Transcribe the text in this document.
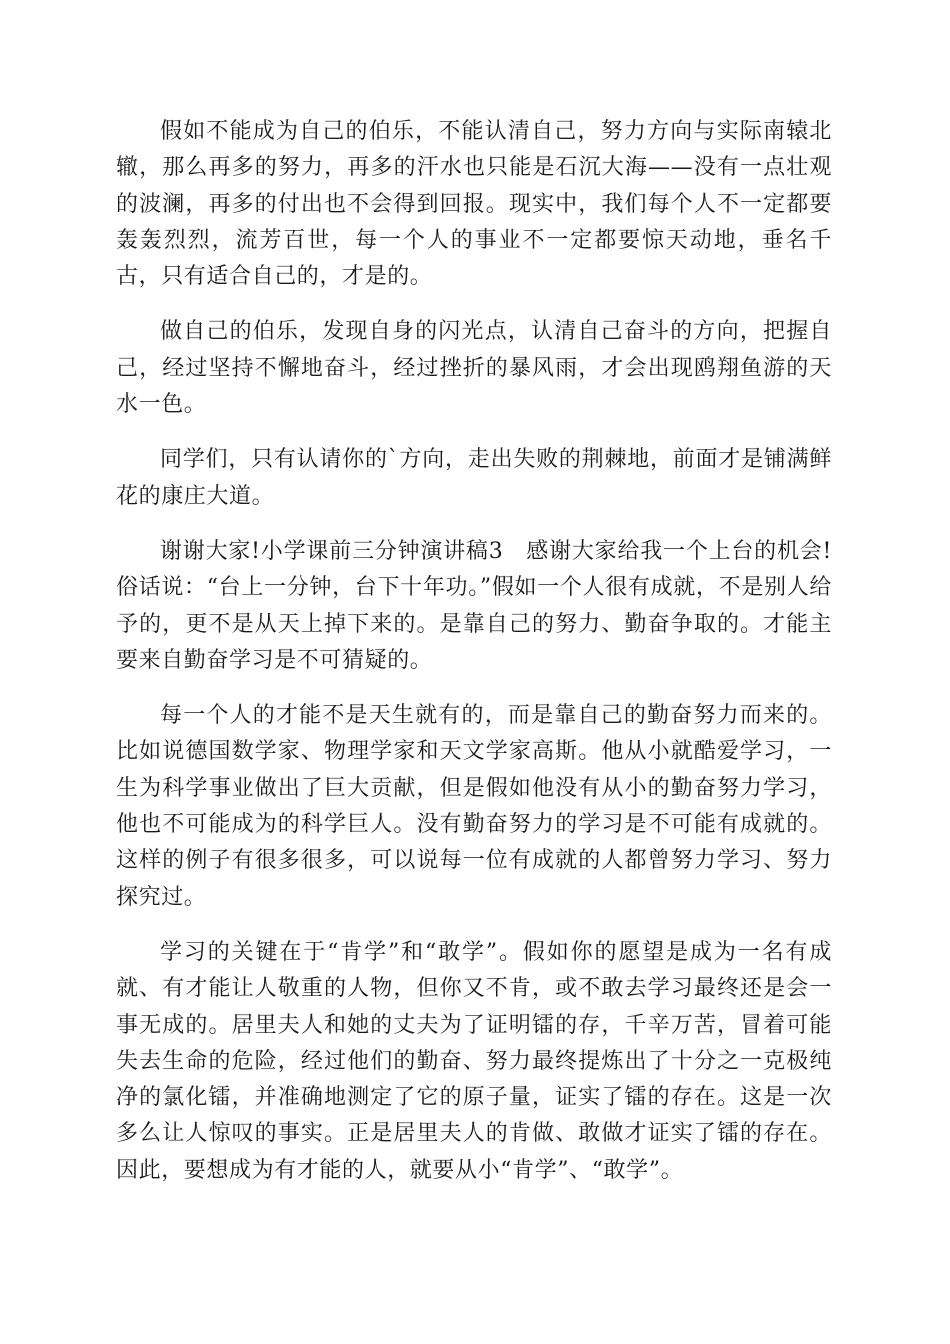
假如不能成为自己的伯乐，不能认清自己，努力方向与实际南辕北辙，那么再多的努力，再多的汗水也只能是石沉大海——没有一点壮观的波澜，再多的付出也不会得到回报。现实中，我们每个人不一定都要轰轰烈烈，流芳百世，每一个人的事业不一定都要惊天动地，垂名千古，只有适合自己的，才是的。

做自己的伯乐，发现自身的闪光点，认清自己奋斗的方向，把握自己，经过坚持不懈地奋斗，经过挫折的暴风雨，才会出现鸥翔鱼游的天水一色。

同学们，只有认请你的`方向，走出失败的荆棘地，前面才是铺满鲜花的康庄大道。

谢谢大家!小学课前三分钟演讲稿3　感谢大家给我一个上台的机会!俗话说：“台上一分钟，台下十年功。”假如一个人很有成就，不是别人给予的，更不是从天上掉下来的。是靠自己的努力、勤奋争取的。才能主要来自勤奋学习是不可猜疑的。

每一个人的才能不是天生就有的，而是靠自己的勤奋努力而来的。比如说德国数学家、物理学家和天文学家高斯。他从小就酷爱学习，一生为科学事业做出了巨大贡献，但是假如他没有从小的勤奋努力学习，他也不可能成为的科学巨人。没有勤奋努力的学习是不可能有成就的。这样的例子有很多很多，可以说每一位有成就的人都曾努力学习、努力探究过。

学习的关键在于“肯学”和“敢学”。假如你的愿望是成为一名有成就、有才能让人敬重的人物，但你又不肯，或不敢去学习最终还是会一事无成的。居里夫人和她的丈夫为了证明镭的存，千辛万苦，冒着可能失去生命的危险，经过他们的勤奋、努力最终提炼出了十分之一克极纯净的氯化镭，并准确地测定了它的原子量，证实了镭的存在。这是一次多么让人惊叹的事实。正是居里夫人的肯做、敢做才证实了镭的存在。因此，要想成为有才能的人，就要从小“肯学”、“敢学”。
